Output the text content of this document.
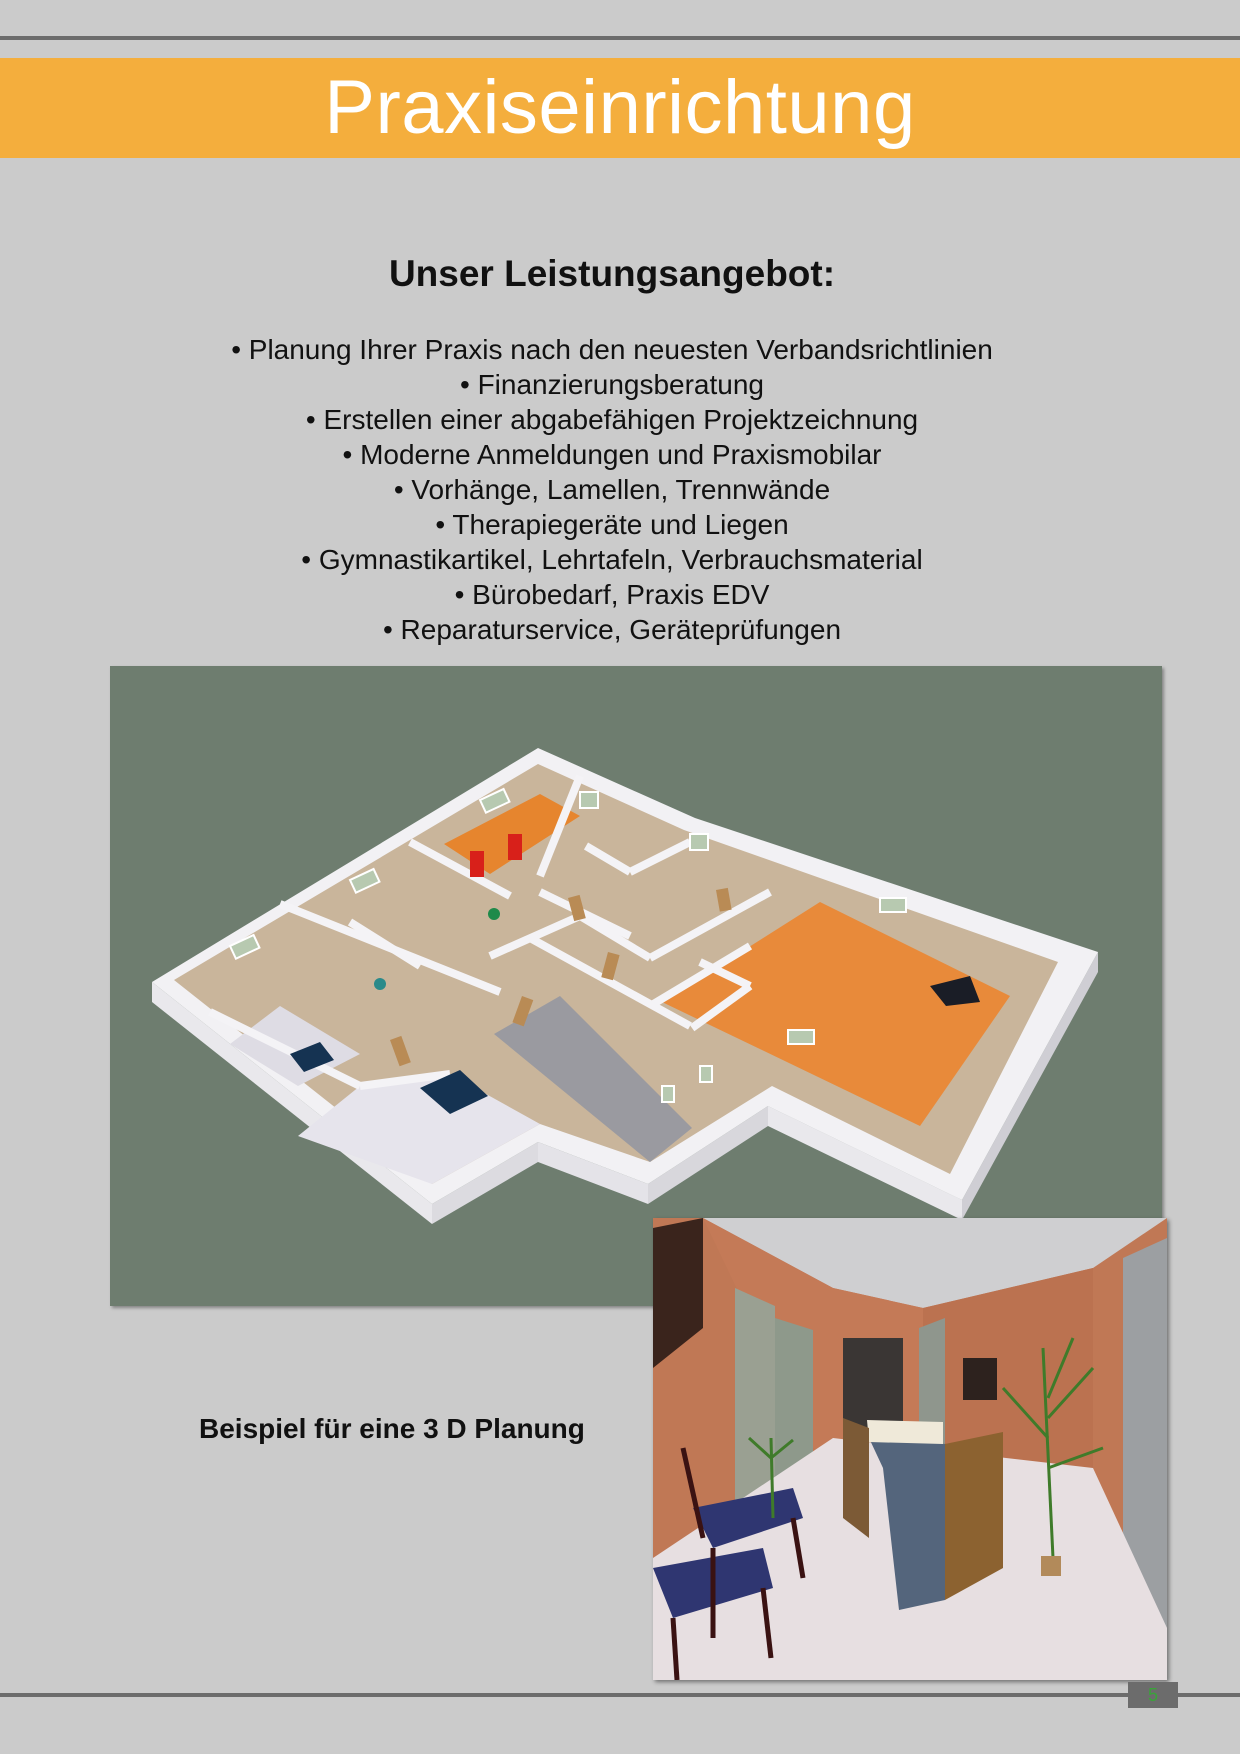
Praxiseinrichtung
Unser Leistungsangebot:
• Planung Ihrer Praxis nach den neuesten Verbandsrichtlinien
• Finanzierungsberatung
• Erstellen einer abgabefähigen Projektzeichnung
• Moderne Anmeldungen und Praxismobilar
• Vorhänge, Lamellen, Trennwände
• Therapiegeräte und Liegen
• Gymnastikartikel, Lehrtafeln, Verbrauchsmaterial
• Bürobedarf, Praxis EDV
• Reparaturservice, Geräteprüfungen
Beispiel für eine 3 D Planung
5
